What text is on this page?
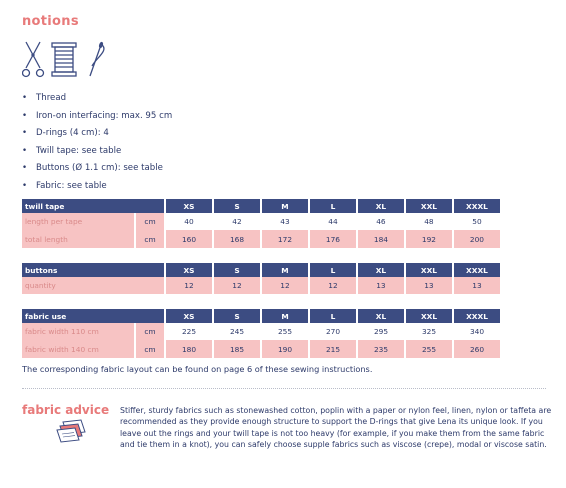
notions
• Thread
• Iron-on interfacing: max. 95 cm
• D-rings (4 cm): 4
• Twill tape: see table
• Buttons (Ø 1.1 cm): see table
• Fabric: see table
twill tape		XS	S	M	L	XL	XXL	XXXL
length per tape	cm	40	42	43	44	46	48	50
total length	cm	160	168	172	176	184	192	200
buttons	XS	S	M	L	XL	XXL	XXXL
quantity	12	12	12	12	13	13	13
fabric use		XS	S	M	L	XL	XXL	XXXL
fabric width 110 cm	cm	225	245	255	270	295	325	340
fabric width 140 cm	cm	180	185	190	215	235	255	260
The corresponding fabric layout can be found on page 6 of these sewing instructions.
fabric advice Stiffer, sturdy fabrics such as stonewashed cotton, poplin with a paper or nylon feel, linen, nylon or taffeta are recommended as they provide enough structure to support the D-rings that give Lena its unique look. If you leave out the rings and your twill tape is not too heavy (for example, if you make them from the same fabric and tie them in a knot), you can safely choose supple fabrics such as viscose (crepe), modal or viscose satin.
